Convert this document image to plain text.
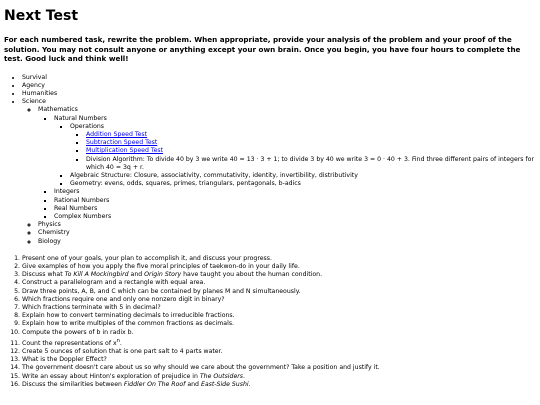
Next Test

For each numbered task, rewrite the problem. When appropriate, provide your analysis of the problem and your proof of the solution. You may not consult anyone or anything except your own brain. Once you begin, you have four hours to complete the test. Good luck and think well!

• Survival
• Agency
• Humanities
• Science
◦ Mathematics
▪ Natural Numbers
▪ Operations
▪ Addition Speed Test
▪ Subtraction Speed Test
▪ Multiplication Speed Test
▪ Division Algorithm: To divide 40 by 3 we write 40 = 13 · 3 + 1; to divide 3 by 40 we write 3 = 0 · 40 + 3. Find three different pairs of integers for which 40 = 3q + r.
▪ Algebraic Structure: Closure, associativity, commutativity, identity, invertibility, distributivity
▪ Geometry: evens, odds, squares, primes, triangulars, pentagonals, b-adics
▪ Integers
▪ Rational Numbers
▪ Real Numbers
▪ Complex Numbers
◦ Physics
◦ Chemistry
◦ Biology
1. Present one of your goals, your plan to accomplish it, and discuss your progress.
2. Give examples of how you apply the five moral principles of taekwon-do in your daily life.
3. Discuss what To Kill A Mockingbird and Origin Story have taught you about the human condition.
4. Construct a parallelogram and a rectangle with equal area.
5. Draw three points, A, B, and C which can be contained by planes M and N simultaneously.
6. Which fractions require one and only one nonzero digit in binary?
7. Which fractions terminate with 5 in decimal?
8. Explain how to convert terminating decimals to irreducible fractions.
9. Explain how to write multiples of the common fractions as decimals.
10. Compute the powers of b in radix b.
11. Count the representations of $x^n$.
12. Create 5 ounces of solution that is one part salt to 4 parts water.
13. What is the Doppler Effect?
14. The government doesn't care about us so why should we care about the government? Take a position and justify it.
15. Write an essay about Hinton's exploration of prejudice in The Outsiders.
16. Discuss the similarities between Fiddler On The Roof and East-Side Sushi.
